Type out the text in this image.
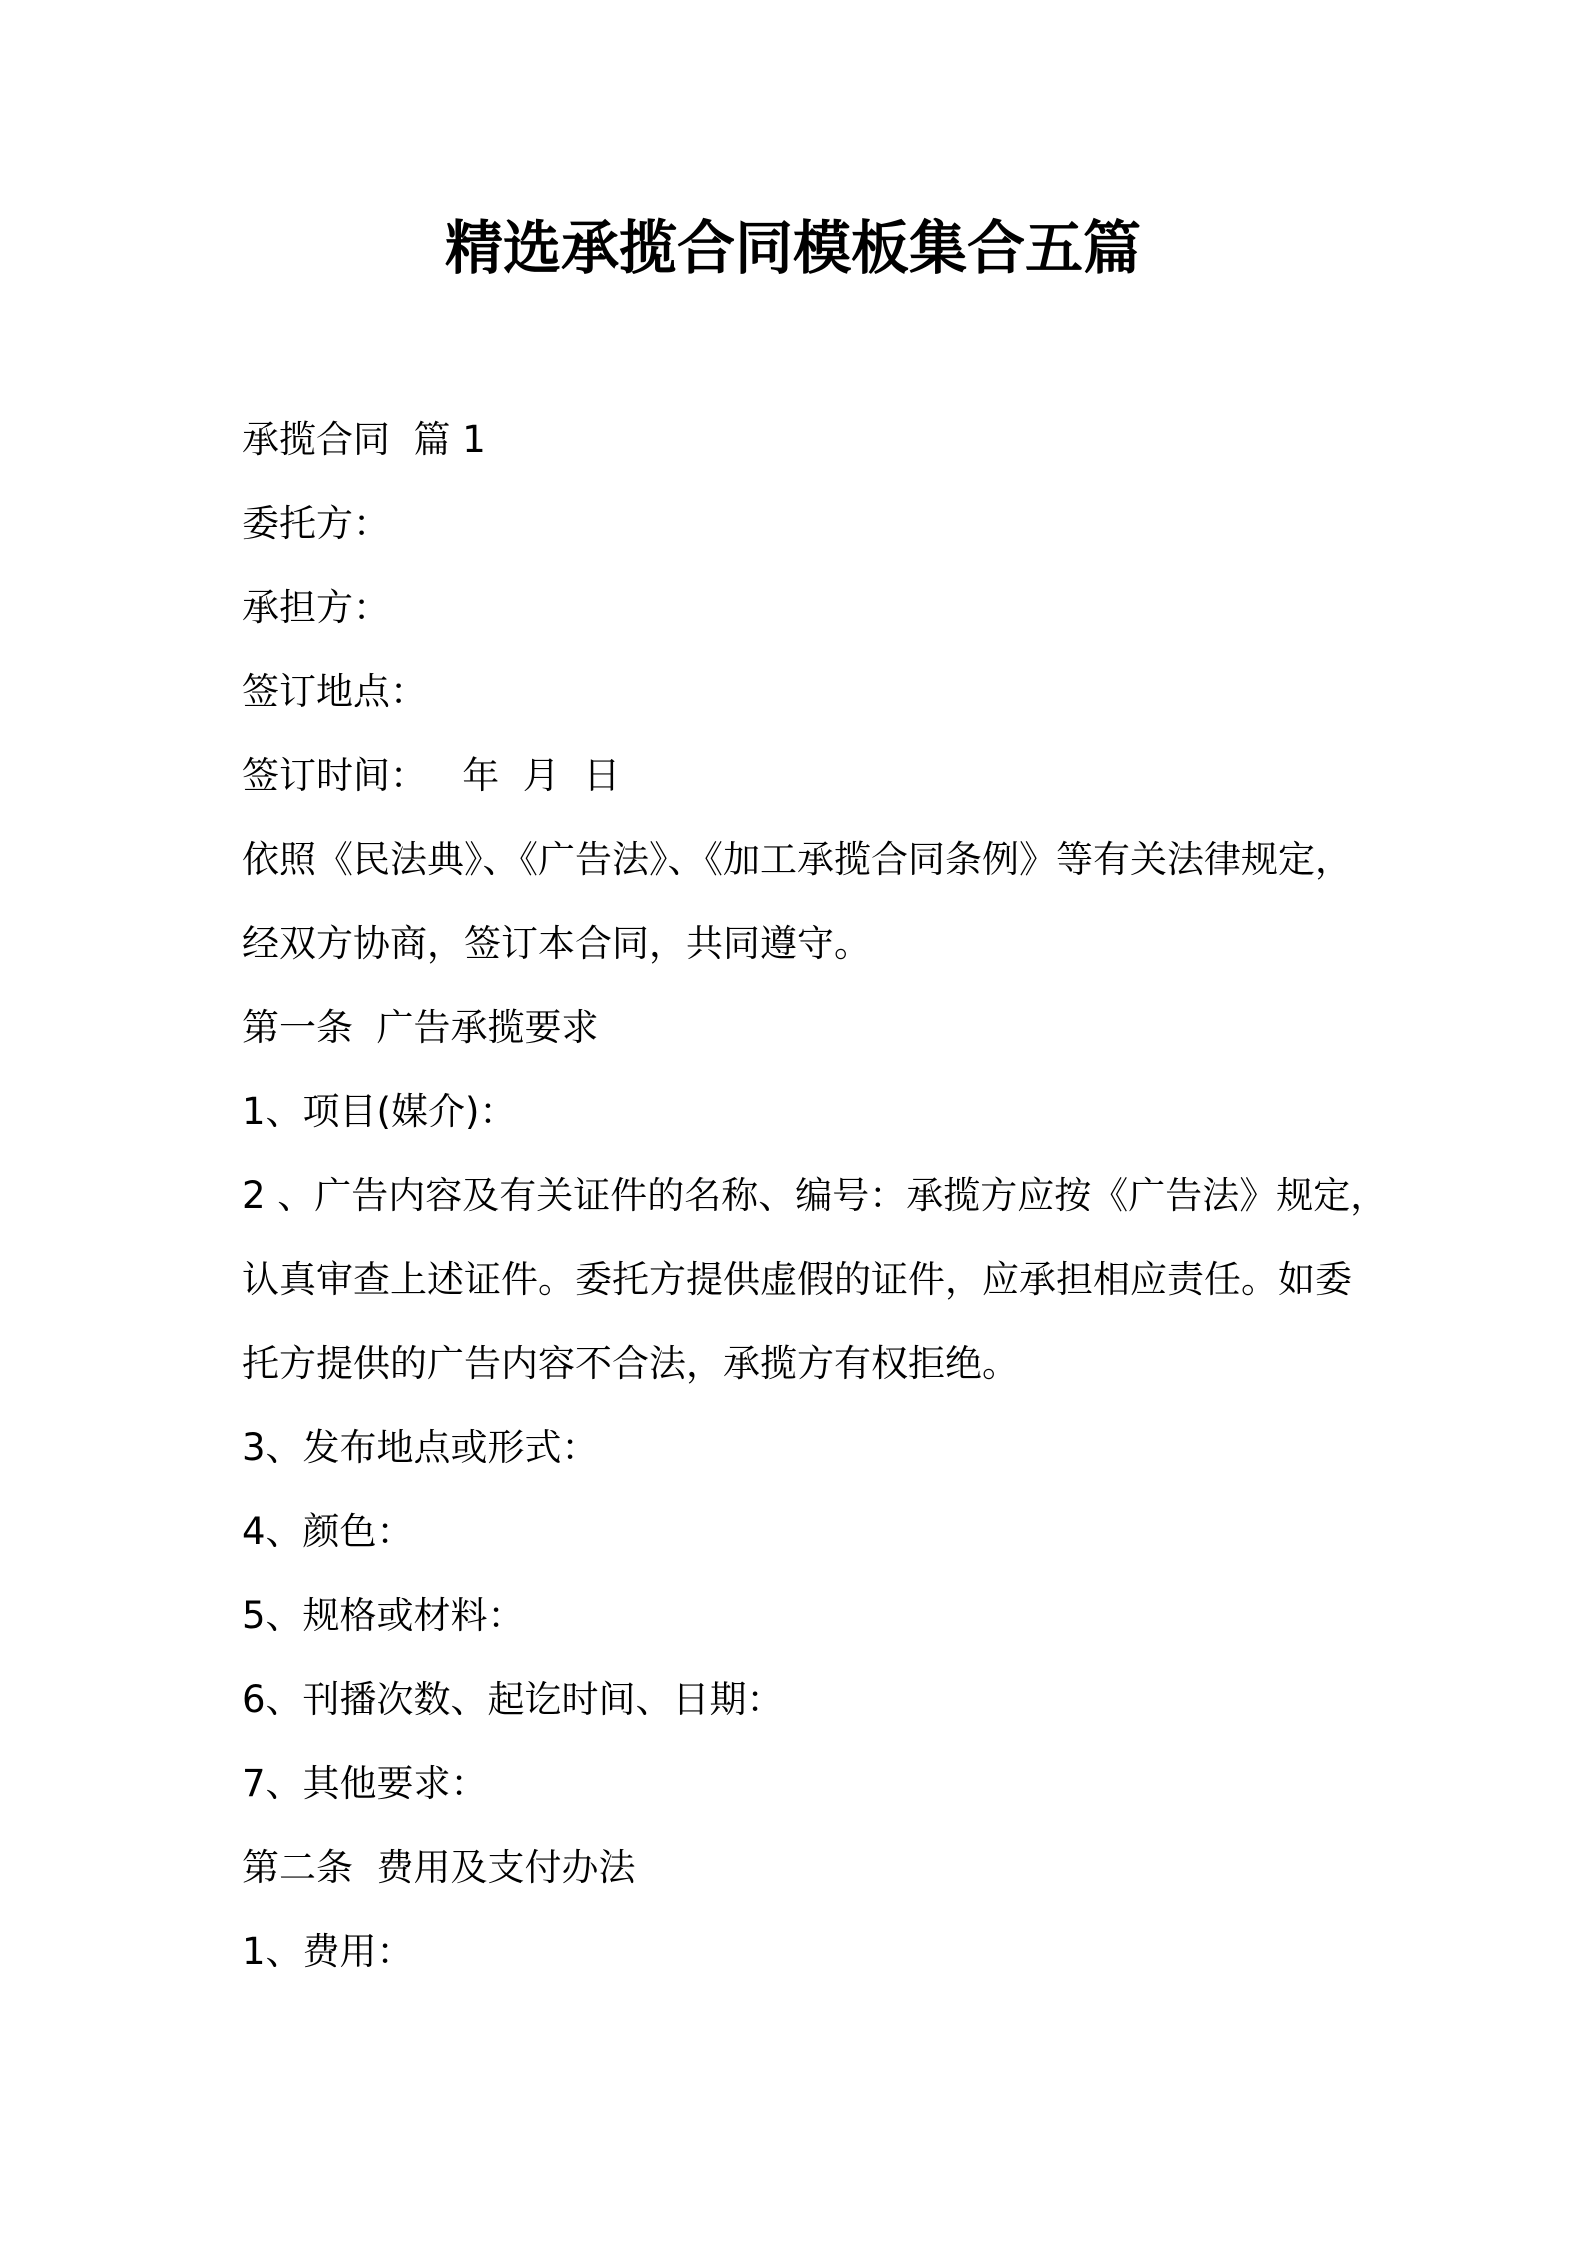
精选承揽合同模板集合五篇
承揽合同  篇 1
委托方：
承担方：
签订地点：
签订时间：   年  月  日
依照《民法典》、《广告法》、《加工承揽合同条例》等有关法律规定，
经双方协商，签订本合同，共同遵守。
第一条  广告承揽要求
1、项目(媒介)：
2 、广告内容及有关证件的名称、编号：承揽方应按《广告法》规定，
认真审查上述证件。委托方提供虚假的证件，应承担相应责任。如委
托方提供的广告内容不合法，承揽方有权拒绝。
3、发布地点或形式：
4、颜色：
5、规格或材料：
6、刊播次数、起讫时间、日期：
7、其他要求：
第二条  费用及支付办法
1、费用：
